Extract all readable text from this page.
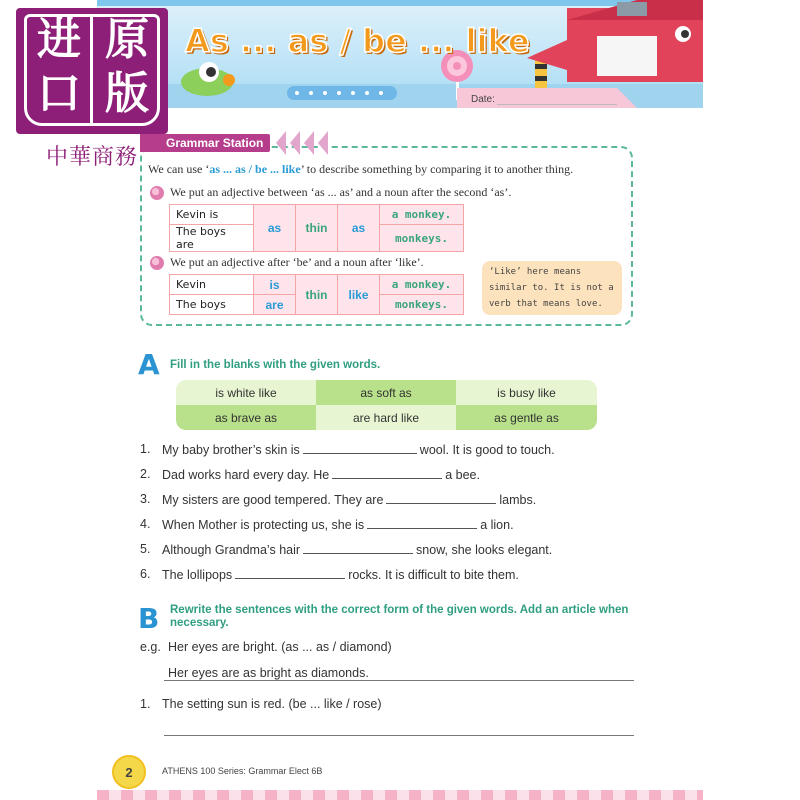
进 原
口 版
中華商務
As ... as / be ... like
Date:
Grammar Station
We can use ‘as ... as / be ... like’ to describe something by comparing it to another thing.
We put an adjective between ‘as ... as’ and a noun after the second ‘as’.
Kevin is	as	thin	as	a monkey.
The boys are				monkeys.
We put an adjective after ‘be’ and a noun after ‘like’.
Kevin	is	thin	like	a monkey.
The boys	are			monkeys.
‘Like’ here means similar to. It is not a verb that means love.
A Fill in the blanks with the given words.
is white like	as soft as	is busy like
as brave as	are hard like	as gentle as
1. My baby brother’s skin is	wool. It is good to touch.
2. Dad works hard every day. He	a bee.
3. My sisters are good tempered. They are	lambs.
4. When Mother is protecting us, she is	a lion.
5. Although Grandma’s hair	snow, she looks elegant.
6. The lollipops	rocks. It is difficult to bite them.
B Rewrite the sentences with the correct form of the given words. Add an article when necessary.
e.g. Her eyes are bright. (as ... as / diamond)
Her eyes are as bright as diamonds.
1. The setting sun is red. (be ... like / rose)
2	ATHENS 100 Series: Grammar Elect 6B
